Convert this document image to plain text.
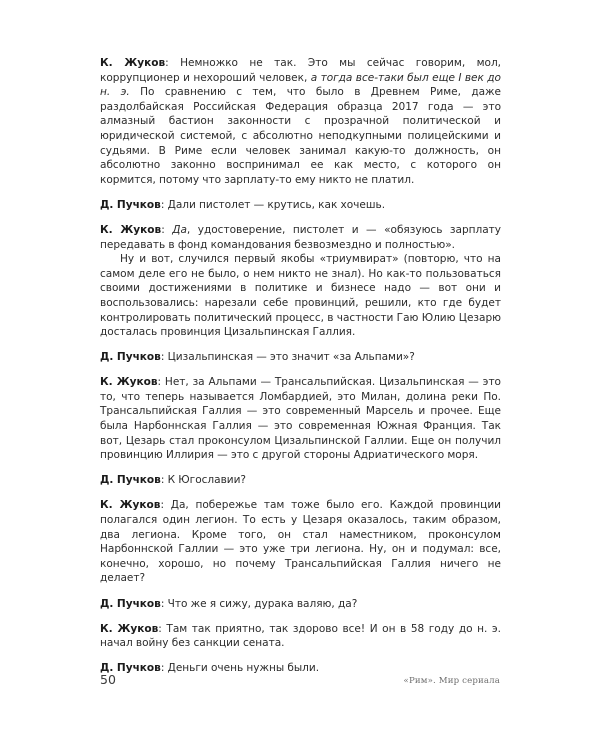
К. Жуков: Немножко не так. Это мы сейчас говорим, мол, коррупционер и нехороший человек, а тогда все-таки был еще I век до н. э. По сравнению с тем, что было в Древнем Риме, даже раздолбайская Российская Федерация образца 2017 года — это алмазный бастион законности с прозрачной политической и юридической системой, с абсолютно неподкупными полицейскими и судьями. В Риме если человек занимал какую-то должность, он абсолютно законно воспринимал ее как место, с которого он кормится, потому что зарплату-то ему никто не платил.

Д. Пучков: Дали пистолет — крутись, как хочешь.

К. Жуков: Да, удостоверение, пистолет и — «обязуюсь зарплату передавать в фонд командования безвозмездно и полностью».

Ну и вот, случился первый якобы «триумвират» (повторю, что на самом деле его не было, о нем никто не знал). Но как-то пользоваться своими достижениями в политике и бизнесе надо — вот они и воспользовались: нарезали себе провинций, решили, кто где будет контролировать политический процесс, в частности Гаю Юлию Цезарю досталась провинция Цизальпинская Галлия.

Д. Пучков: Цизальпинская — это значит «за Альпами»?

К. Жуков: Нет, за Альпами — Трансальпийская. Цизальпинская — это то, что теперь называется Ломбардией, это Милан, долина реки По. Трансальпийская Галлия — это современный Марсель и прочее. Еще была Нарбоннская Галлия — это современная Южная Франция. Так вот, Цезарь стал проконсулом Цизальпинской Галлии. Еще он получил провинцию Иллирия — это с другой стороны Адриатического моря.

Д. Пучков: К Югославии?

К. Жуков: Да, побережье там тоже было его. Каждой провинции полагался один легион. То есть у Цезаря оказалось, таким образом, два легиона. Кроме того, он стал наместником, проконсулом Нарбоннской Галлии — это уже три легиона. Ну, он и подумал: все, конечно, хорошо, но почему Трансальпийская Галлия ничего не делает?

Д. Пучков: Что же я сижу, дурака валяю, да?

К. Жуков: Там так приятно, так здорово все! И он в 58 году до н. э. начал войну без санкции сената.

Д. Пучков: Деньги очень нужны были.

50	«Рим». Мир сериала
